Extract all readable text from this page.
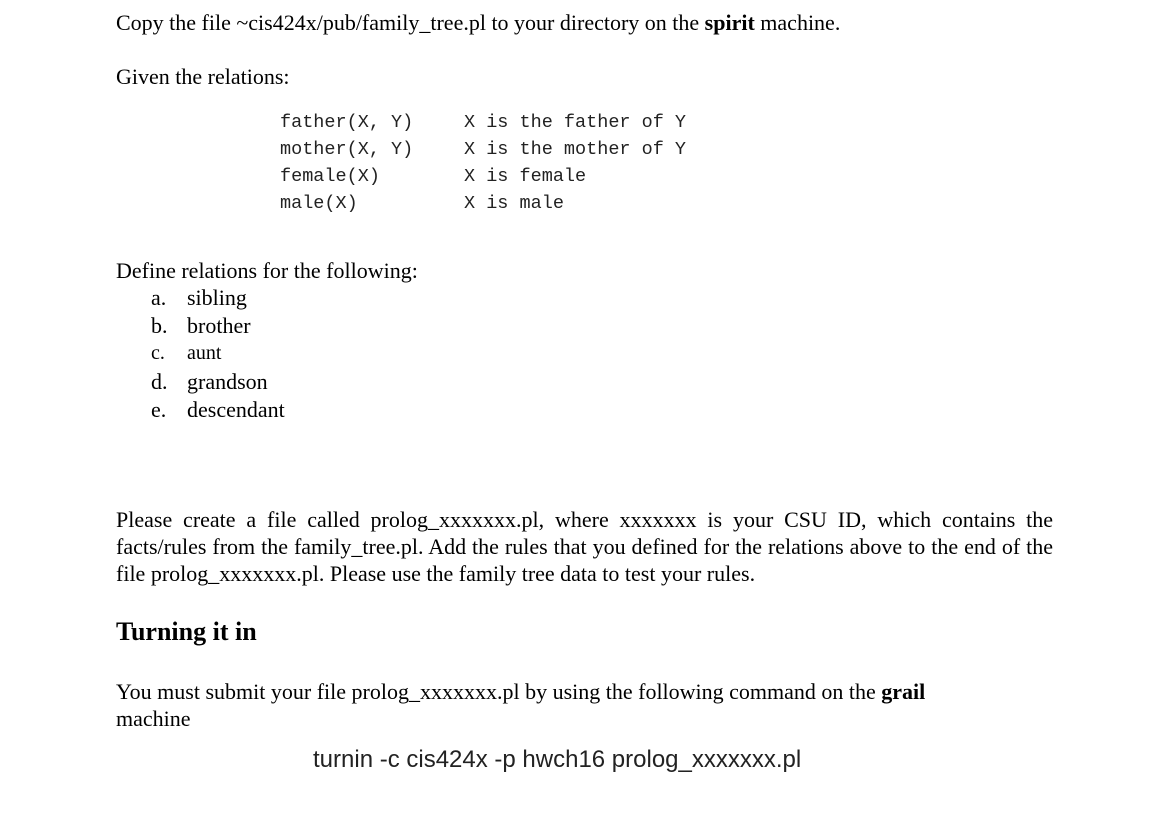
Copy the file ~cis424x/pub/family_tree.pl to your directory on the spirit machine.
Given the relations:
father(X, Y)	X is the father of Y
mother(X, Y)	X is the mother of Y
female(X)	X is female
male(X)	X is male
Define relations for the following:
a. sibling
b. brother
c.	aunt
d. grandson
e. descendant
Please create a file called prolog_xxxxxxx.pl, where xxxxxxx is your CSU ID, which contains the facts/rules from the family_tree.pl. Add the rules that you defined for the relations above to the end of the file prolog_xxxxxxx.pl. Please use the family tree data to test your rules.
Turning it in
You must submit your file prolog_xxxxxxx.pl by using the following command on the grail
machine
turnin -c cis424x -p hwch16 prolog_xxxxxxx.pl
